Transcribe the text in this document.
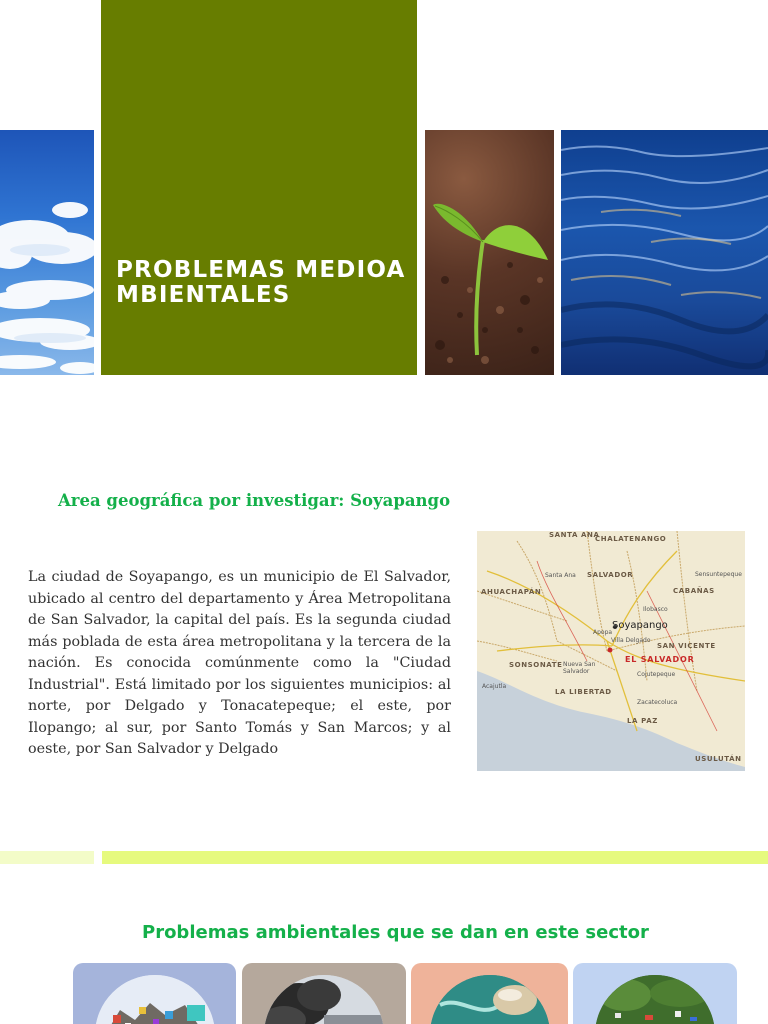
PROBLEMAS MEDIOAMBIENTALES
Area geográfica por investigar: Soyapango
La ciudad de Soyapango, es un municipio de El Salvador, ubicado al centro del departamento y Área Metropolitana de San Salvador, la capital del país. Es la segunda ciudad más poblada de esta área metropolitana y la tercera de la nación. Es conocida comúnmente como la "Ciudad Industrial". Está limitado por los siguientes municipios: al norte, por Delgado y Tonacatepeque; el este, por Ilopango; al sur, por Santo Tomás y San Marcos; y al oeste, por San Salvador y Delgado
SANTA ANA
CHALATENANGO
AHUACHAPÁN
SALVADOR
CABAÑAS
Santa Ana	Sensuntepeque
Ilobasco
Apopa
Soyapango
Villa Delgado
SAN VICENTE
Cojutepeque
EL SALVADOR
SONSONATE Nueva San Salvador
LA LIBERTAD
Acajutla
Zacatecoluca
LA PAZ
USULUTÁN
Problemas ambientales que se dan en este sector
